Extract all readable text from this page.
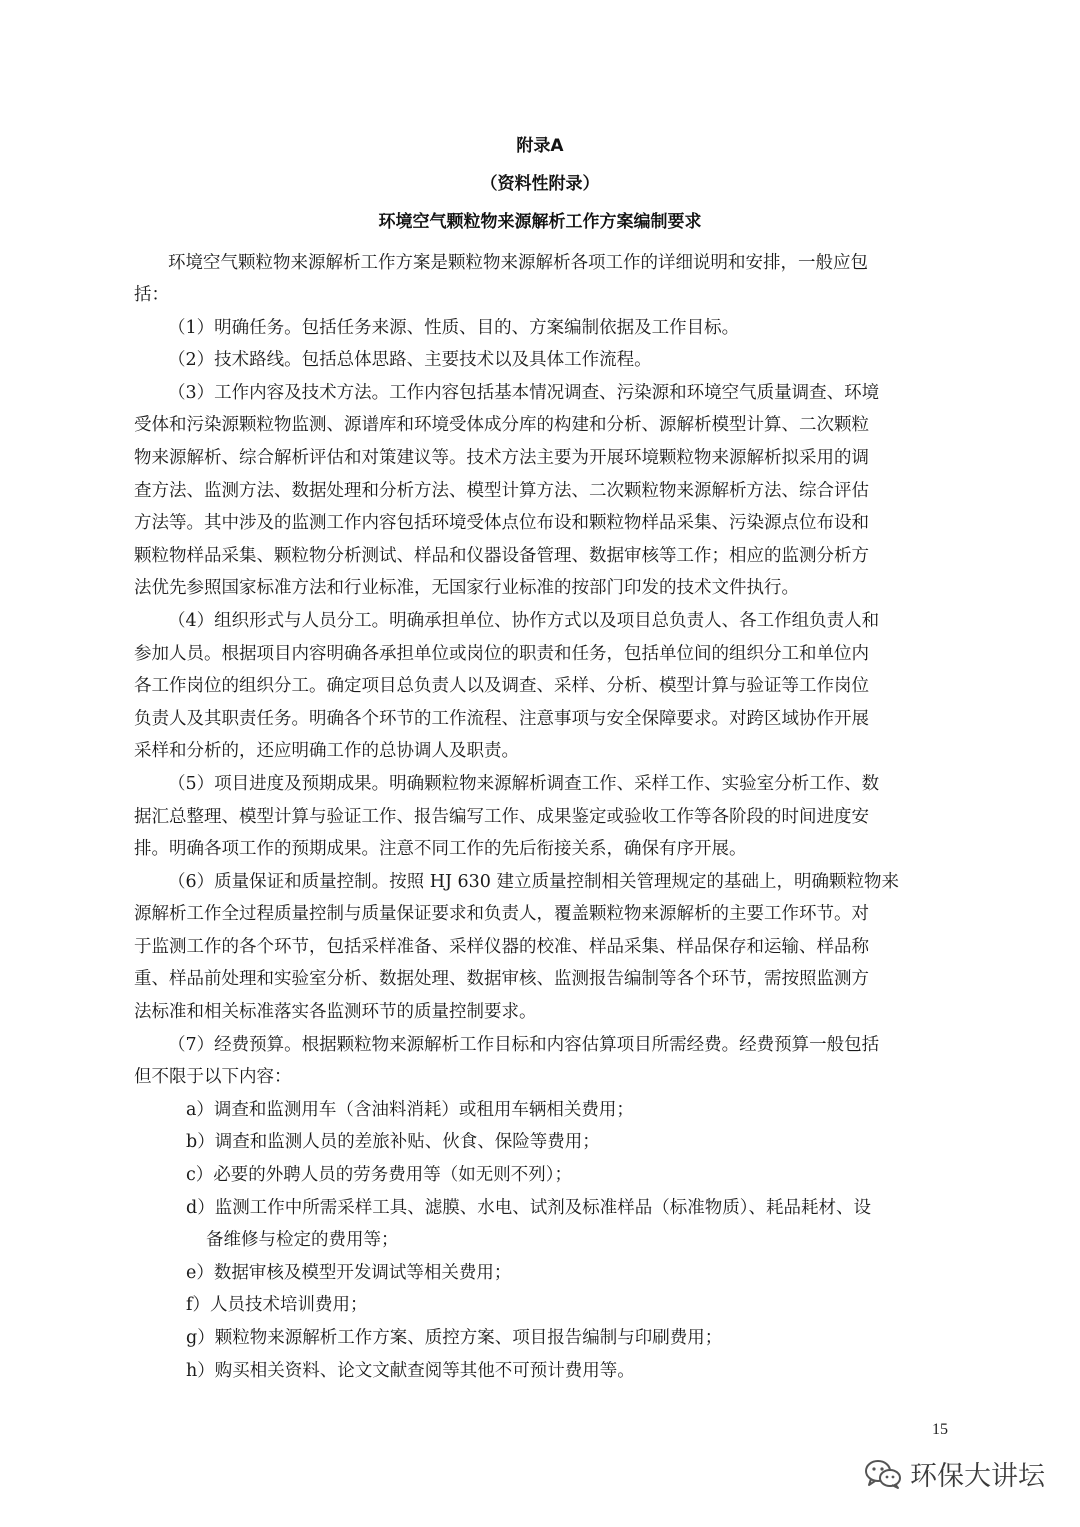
附录A
（资料性附录）
环境空气颗粒物来源解析工作方案编制要求
环境空气颗粒物来源解析工作方案是颗粒物来源解析各项工作的详细说明和安排，一般应包
括：
（1）明确任务。包括任务来源、性质、目的、方案编制依据及工作目标。
（2）技术路线。包括总体思路、主要技术以及具体工作流程。
（3）工作内容及技术方法。工作内容包括基本情况调查、污染源和环境空气质量调查、环境
受体和污染源颗粒物监测、源谱库和环境受体成分库的构建和分析、源解析模型计算、二次颗粒
物来源解析、综合解析评估和对策建议等。技术方法主要为开展环境颗粒物来源解析拟采用的调
查方法、监测方法、数据处理和分析方法、模型计算方法、二次颗粒物来源解析方法、综合评估
方法等。其中涉及的监测工作内容包括环境受体点位布设和颗粒物样品采集、污染源点位布设和
颗粒物样品采集、颗粒物分析测试、样品和仪器设备管理、数据审核等工作；相应的监测分析方
法优先参照国家标准方法和行业标准，无国家行业标准的按部门印发的技术文件执行。
（4）组织形式与人员分工。明确承担单位、协作方式以及项目总负责人、各工作组负责人和
参加人员。根据项目内容明确各承担单位或岗位的职责和任务，包括单位间的组织分工和单位内
各工作岗位的组织分工。确定项目总负责人以及调查、采样、分析、模型计算与验证等工作岗位
负责人及其职责任务。明确各个环节的工作流程、注意事项与安全保障要求。对跨区域协作开展
采样和分析的，还应明确工作的总协调人及职责。
（5）项目进度及预期成果。明确颗粒物来源解析调查工作、采样工作、实验室分析工作、数
据汇总整理、模型计算与验证工作、报告编写工作、成果鉴定或验收工作等各阶段的时间进度安
排。明确各项工作的预期成果。注意不同工作的先后衔接关系，确保有序开展。
（6）质量保证和质量控制。按照 HJ 630 建立质量控制相关管理规定的基础上，明确颗粒物来
源解析工作全过程质量控制与质量保证要求和负责人，覆盖颗粒物来源解析的主要工作环节。对
于监测工作的各个环节，包括采样准备、采样仪器的校准、样品采集、样品保存和运输、样品称
重、样品前处理和实验室分析、数据处理、数据审核、监测报告编制等各个环节，需按照监测方
法标准和相关标准落实各监测环节的质量控制要求。
（7）经费预算。根据颗粒物来源解析工作目标和内容估算项目所需经费。经费预算一般包括
但不限于以下内容：
a）调查和监测用车（含油料消耗）或租用车辆相关费用；
b）调查和监测人员的差旅补贴、伙食、保险等费用；
c）必要的外聘人员的劳务费用等（如无则不列）；
d）监测工作中所需采样工具、滤膜、水电、试剂及标准样品（标准物质）、耗品耗材、设
备维修与检定的费用等；
e）数据审核及模型开发调试等相关费用；
f）人员技术培训费用；
g）颗粒物来源解析工作方案、质控方案、项目报告编制与印刷费用；
h）购买相关资料、论文文献查阅等其他不可预计费用等。
15
环保大讲坛
